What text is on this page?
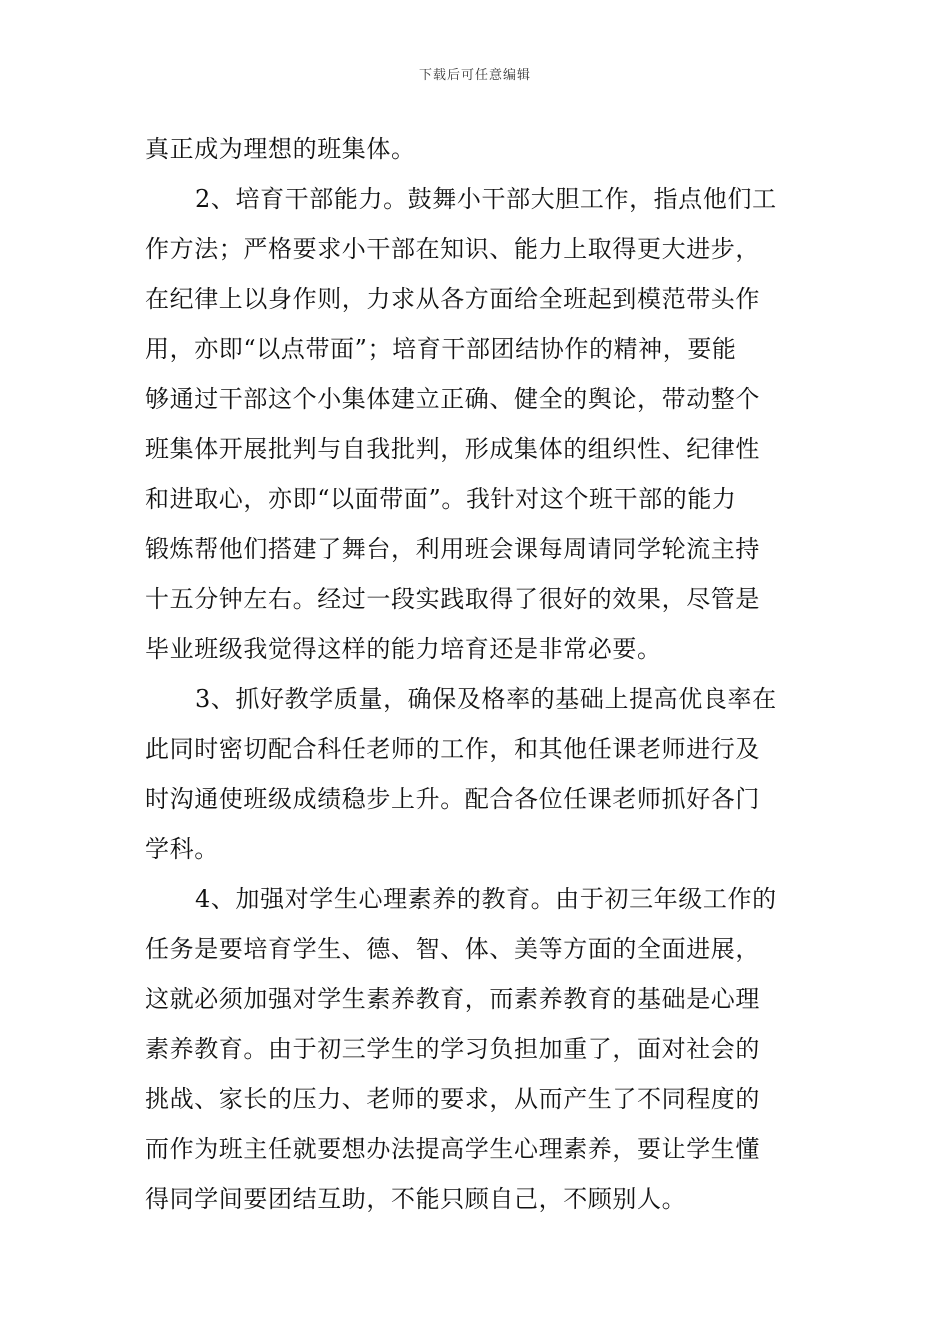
下载后可任意编辑
真正成为理想的班集体。
2、培育干部能力。鼓舞小干部大胆工作，指点他们工
作方法；严格要求小干部在知识、能力上取得更大进步，
在纪律上以身作则，力求从各方面给全班起到模范带头作
用，亦即“以点带面”；培育干部团结协作的精神，要能
够通过干部这个小集体建立正确、健全的舆论，带动整个
班集体开展批判与自我批判，形成集体的组织性、纪律性
和进取心，亦即“以面带面”。我针对这个班干部的能力
锻炼帮他们搭建了舞台，利用班会课每周请同学轮流主持
十五分钟左右。经过一段实践取得了很好的效果，尽管是
毕业班级我觉得这样的能力培育还是非常必要。
3、抓好教学质量，确保及格率的基础上提高优良率在
此同时密切配合科任老师的工作，和其他任课老师进行及
时沟通使班级成绩稳步上升。配合各位任课老师抓好各门
学科。
4、加强对学生心理素养的教育。由于初三年级工作的
任务是要培育学生、德、智、体、美等方面的全面进展，
这就必须加强对学生素养教育，而素养教育的基础是心理
素养教育。由于初三学生的学习负担加重了，面对社会的
挑战、家长的压力、老师的要求，从而产生了不同程度的
而作为班主任就要想办法提高学生心理素养，要让学生懂
得同学间要团结互助，不能只顾自己，不顾别人。
